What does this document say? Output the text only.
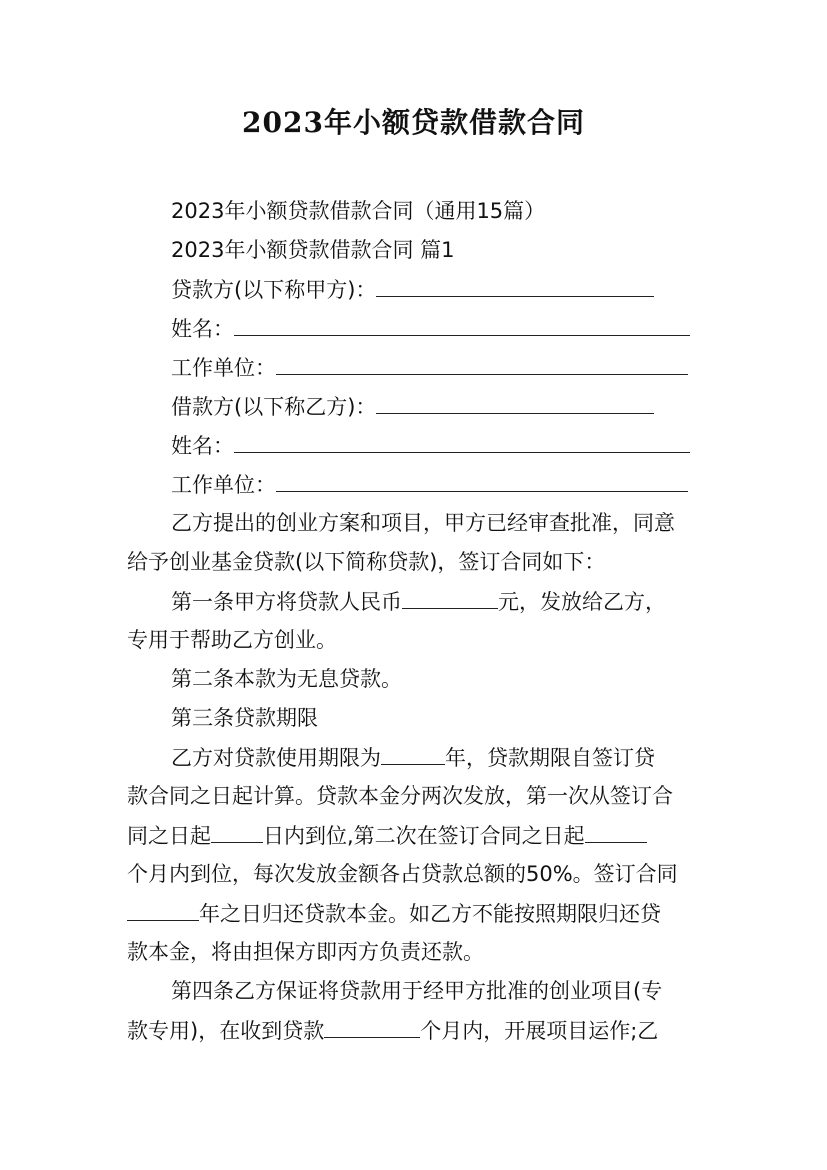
2023年小额贷款借款合同
2023年小额贷款借款合同（通用15篇）
2023年小额贷款借款合同 篇1
贷款方(以下称甲方)：
姓名：
工作单位：
借款方(以下称乙方)：
姓名：
工作单位：
乙方提出的创业方案和项目，甲方已经审查批准，同意
给予创业基金贷款(以下简称贷款)，签订合同如下：
第一条甲方将贷款人民币	元，发放给乙方，
专用于帮助乙方创业。
第二条本款为无息贷款。
第三条贷款期限
乙方对贷款使用期限为	年，贷款期限自签订贷
款合同之日起计算。贷款本金分两次发放，第一次从签订合
同之日起 日内到位,第二次在签订合同之日起
个月内到位，每次发放金额各占贷款总额的50%。签订合同
年之日归还贷款本金。如乙方不能按照期限归还贷
款本金，将由担保方即丙方负责还款。
第四条乙方保证将贷款用于经甲方批准的创业项目(专
款专用)，在收到贷款	个月内，开展项目运作;乙
